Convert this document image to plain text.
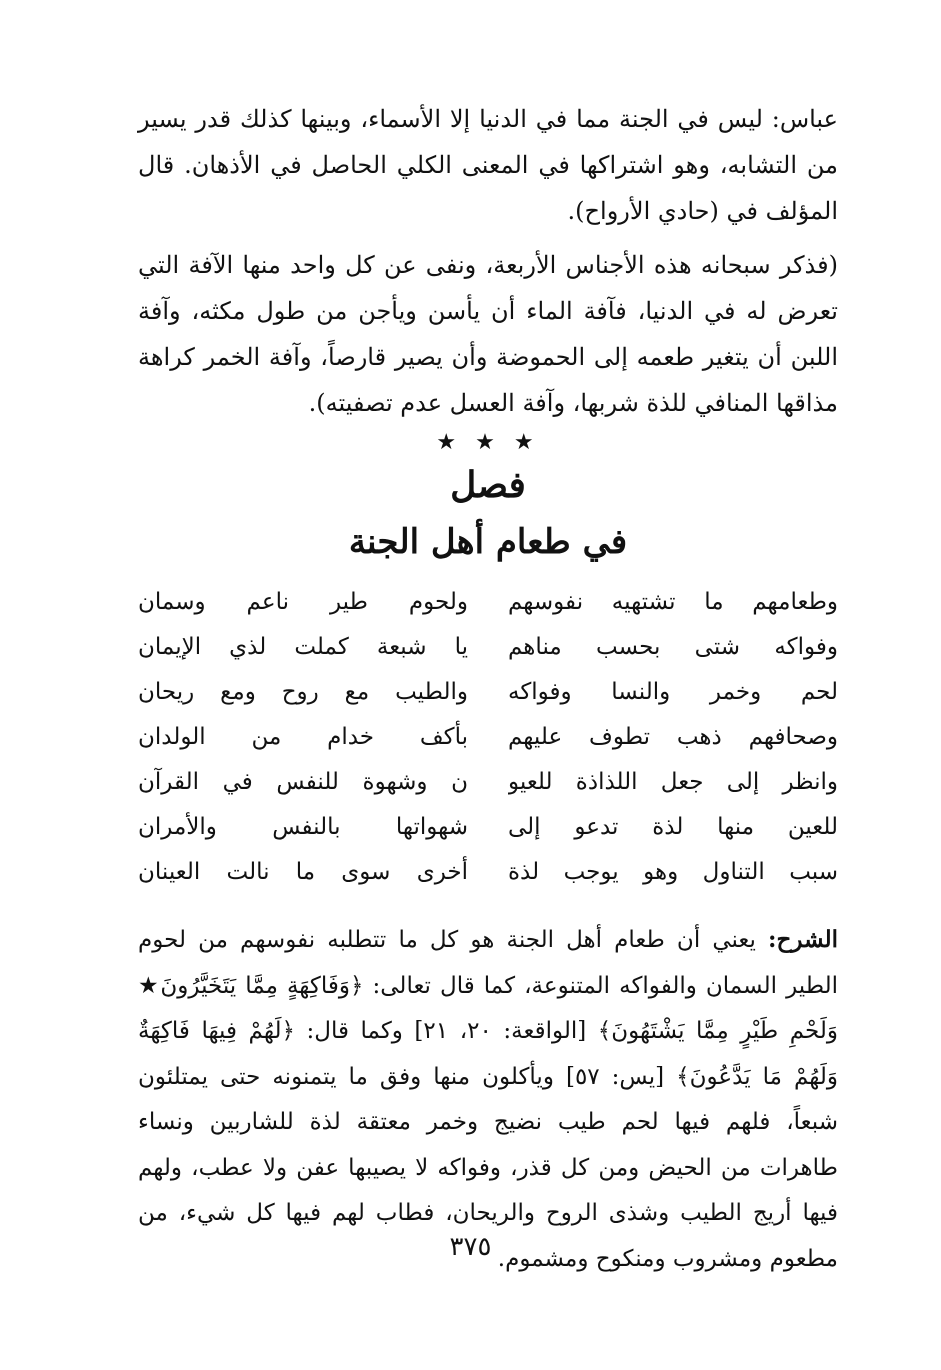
عباس: ليس في الجنة مما في الدنيا إلا الأسماء، وبينها كذلك قدر يسير من التشابه، وهو اشتراكها في المعنى الكلي الحاصل في الأذهان. قال المؤلف في (حادي الأرواح).

(فذكر سبحانه هذه الأجناس الأربعة، ونفى عن كل واحد منها الآفة التي تعرض له في الدنيا، فآفة الماء أن يأسن ويأجن من طول مكثه، وآفة اللبن أن يتغير طعمه إلى الحموضة وأن يصير قارصاً، وآفة الخمر كراهة مذاقها المنافي للذة شربها، وآفة العسل عدم تصفيته).

★ ★ ★
فصل
في طعام أهل الجنة
وطعامهم ما تشتهيه نفوسهم
ولحوم طير ناعم وسمان
وفواكه شتى بحسب مناهم
يا شبعة كملت لذي الإيمان
لحم وخمر والنسا وفواكه
والطيب مع روح ومع ريحان
وصحافهم ذهب تطوف عليهم
بأكف خدام من الولدان
وانظر إلى جعل اللذاذة للعيو
ن وشهوة للنفس في القرآن
للعين منها لذة تدعو إلى
شهواتها بالنفس والأمران
سبب التناول وهو يوجب لذة
أخرى سوى ما نالت العينان
الشرح: يعني أن طعام أهل الجنة هو كل ما تتطلبه نفوسهم من لحوم الطير السمان والفواكه المتنوعة، كما قال تعالى: ﴿وَفَاكِهَةٍ مِمَّا يَتَخَيَّرُونَ★ وَلَحْمِ طَيْرٍ مِمَّا يَشْتَهُونَ﴾ [الواقعة: ٢٠، ٢١] وكما قال: ﴿لَهُمْ فِيهَا فَاكِهَةٌ وَلَهُمْ مَا يَدَّعُونَ﴾ [يس: ٥٧] ويأكلون منها وفق ما يتمنونه حتى يمتلئون شبعاً، فلهم فيها لحم طيب نضيج وخمر معتقة لذة للشاربين ونساء طاهرات من الحيض ومن كل قذر، وفواكه لا يصيبها عفن ولا عطب، ولهم فيها أريج الطيب وشذى الروح والريحان، فطاب لهم فيها كل شيء، من مطعوم ومشروب ومنكوح ومشموم.
٣٧٥
